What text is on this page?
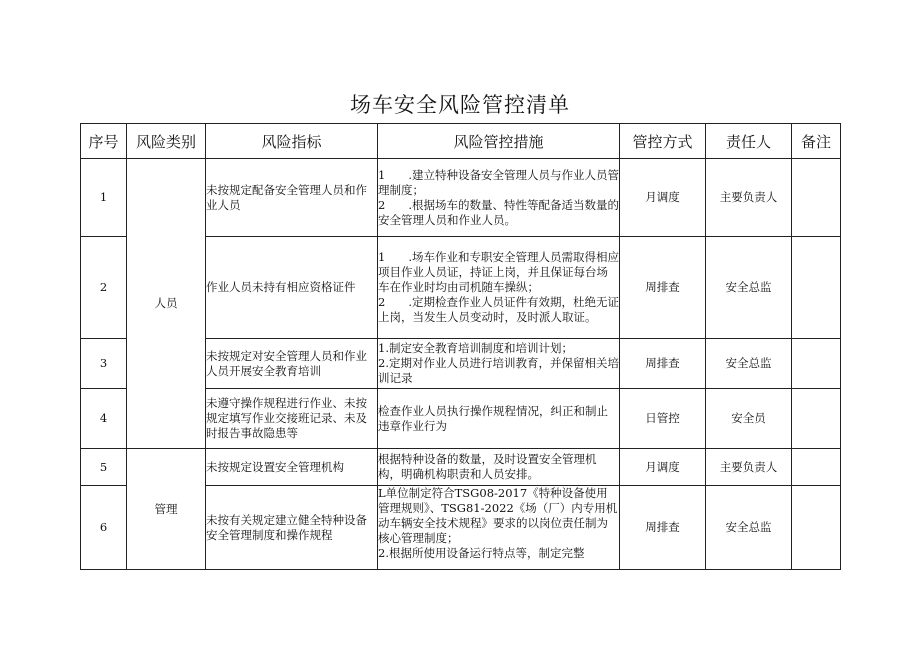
场车安全风险管控清单
序号	风险类别	风险指标	风险管控措施	管控方式	责任人	备注
1	人员	未按规定配备安全管理人员和作业人员	1　　.建立特种设备安全管理人员与作业人员管理制度；
2　　.根据场车的数量、特性等配备适当数量的安全管理人员和作业人员。	月调度	主要负责人	
2		作业人员未持有相应资格证件	1　　.场车作业和专职安全管理人员需取得相应项目作业人员证，持证上岗，并且保证每台场车在作业时均由司机随车操纵；
2　　.定期检查作业人员证件有效期，杜绝无证上岗，当发生人员变动时，及时派人取证。	周排查	安全总监	
3		未按规定对安全管理人员和作业人员开展安全教育培训	1.制定安全教育培训制度和培训计划；
2.定期对作业人员进行培训教育，并保留相关培训记录	周排查	安全总监	
4		未遵守操作规程进行作业、未按规定填写作业交接班记录、未及时报告事故隐患等	检查作业人员执行操作规程情况，纠正和制止违章作业行为	日管控	安全员	
5	管理	未按规定设置安全管理机构	根据特种设备的数量，及时设置安全管理机构，明确机构职责和人员安排。	月调度	主要负责人	
6		未按有关规定建立健全特种设备安全管理制度和操作规程	L单位制定符合TSG08-2017《特种设备使用管理规则》、TSG81-2022《场（厂）内专用机动车辆安全技术规程》要求的以岗位责任制为核心管理制度；
2.根据所使用设备运行特点等，制定完整	周排查	安全总监	
